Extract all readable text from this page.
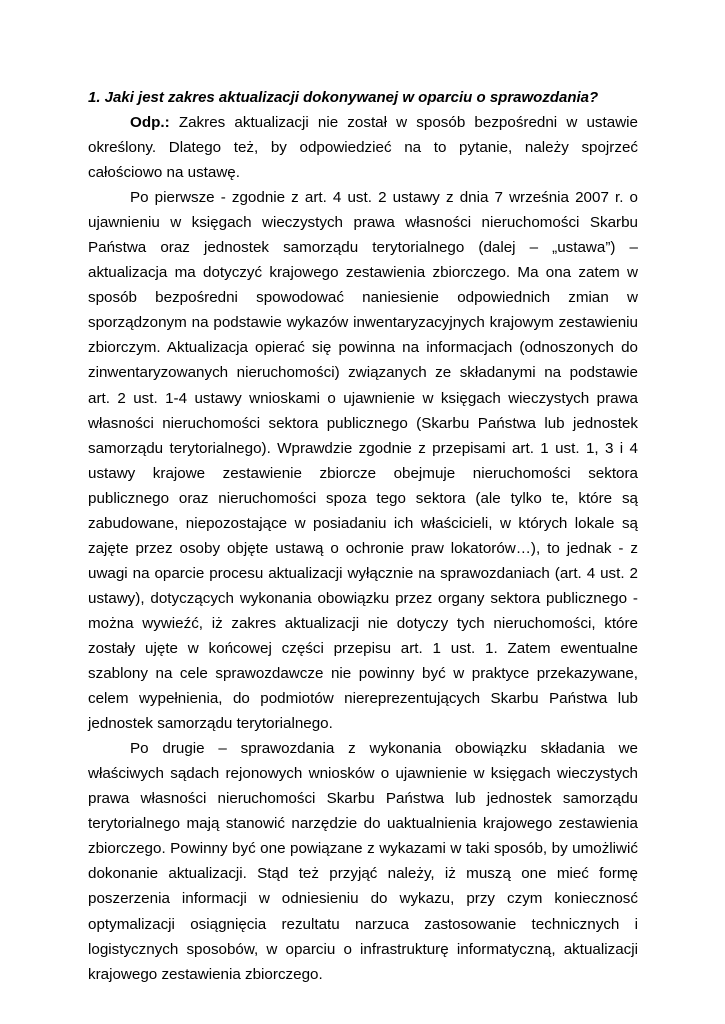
1. Jaki jest zakres aktualizacji dokonywanej w oparciu o sprawozdania?

Odp.: Zakres aktualizacji nie został w sposób bezpośredni w ustawie określony. Dlatego też, by odpowiedzieć na to pytanie, należy spojrzeć całościowo na ustawę.

Po pierwsze - zgodnie z art. 4 ust. 2 ustawy z dnia 7 września 2007 r. o ujawnieniu w księgach wieczystych prawa własności nieruchomości Skarbu Państwa oraz jednostek samorządu terytorialnego (dalej – „ustawa”) – aktualizacja ma dotyczyć krajowego zestawienia zbiorczego. Ma ona zatem w sposób bezpośredni spowodować naniesienie odpowiednich zmian w sporządzonym na podstawie wykazów inwentaryzacyjnych krajowym zestawieniu zbiorczym. Aktualizacja opierać się powinna na informacjach (odnoszonych do zinwentaryzowanych nieruchomości) związanych ze składanymi na podstawie art. 2 ust. 1-4 ustawy wnioskami o ujawnienie w księgach wieczystych prawa własności nieruchomości sektora publicznego (Skarbu Państwa lub jednostek samorządu terytorialnego). Wprawdzie zgodnie z przepisami art. 1 ust. 1, 3 i 4 ustawy krajowe zestawienie zbiorcze obejmuje nieruchomości sektora publicznego oraz nieruchomości spoza tego sektora (ale tylko te, które są zabudowane, niepozostające w posiadaniu ich właścicieli, w których lokale są zajęte przez osoby objęte ustawą o ochronie praw lokatorów…), to jednak - z uwagi na oparcie procesu aktualizacji wyłącznie na sprawozdaniach (art. 4 ust. 2 ustawy), dotyczących wykonania obowiązku przez organy sektora publicznego - można wywieźć, iż zakres aktualizacji nie dotyczy tych nieruchomości, które zostały ujęte w końcowej części przepisu art. 1 ust. 1. Zatem ewentualne szablony na cele sprawozdawcze nie powinny być w praktyce przekazywane, celem wypełnienia, do podmiotów niereprezentujących Skarbu Państwa lub jednostek samorządu terytorialnego.

Po drugie – sprawozdania z wykonania obowiązku składania we właściwych sądach rejonowych wniosków o ujawnienie w księgach wieczystych prawa własności nieruchomości Skarbu Państwa lub jednostek samorządu terytorialnego mają stanowić narzędzie do uaktualnienia krajowego zestawienia zbiorczego. Powinny być one powiązane z wykazami w taki sposób, by umożliwić dokonanie aktualizacji. Stąd też przyjąć należy, iż muszą one mieć formę poszerzenia informacji w odniesieniu do wykazu, przy czym koniecznosć optymalizacji osiągnięcia rezultatu narzuca zastosowanie technicznych i logistycznych sposobów, w oparciu o infrastrukturę informatyczną, aktualizacji krajowego zestawienia zbiorczego.
